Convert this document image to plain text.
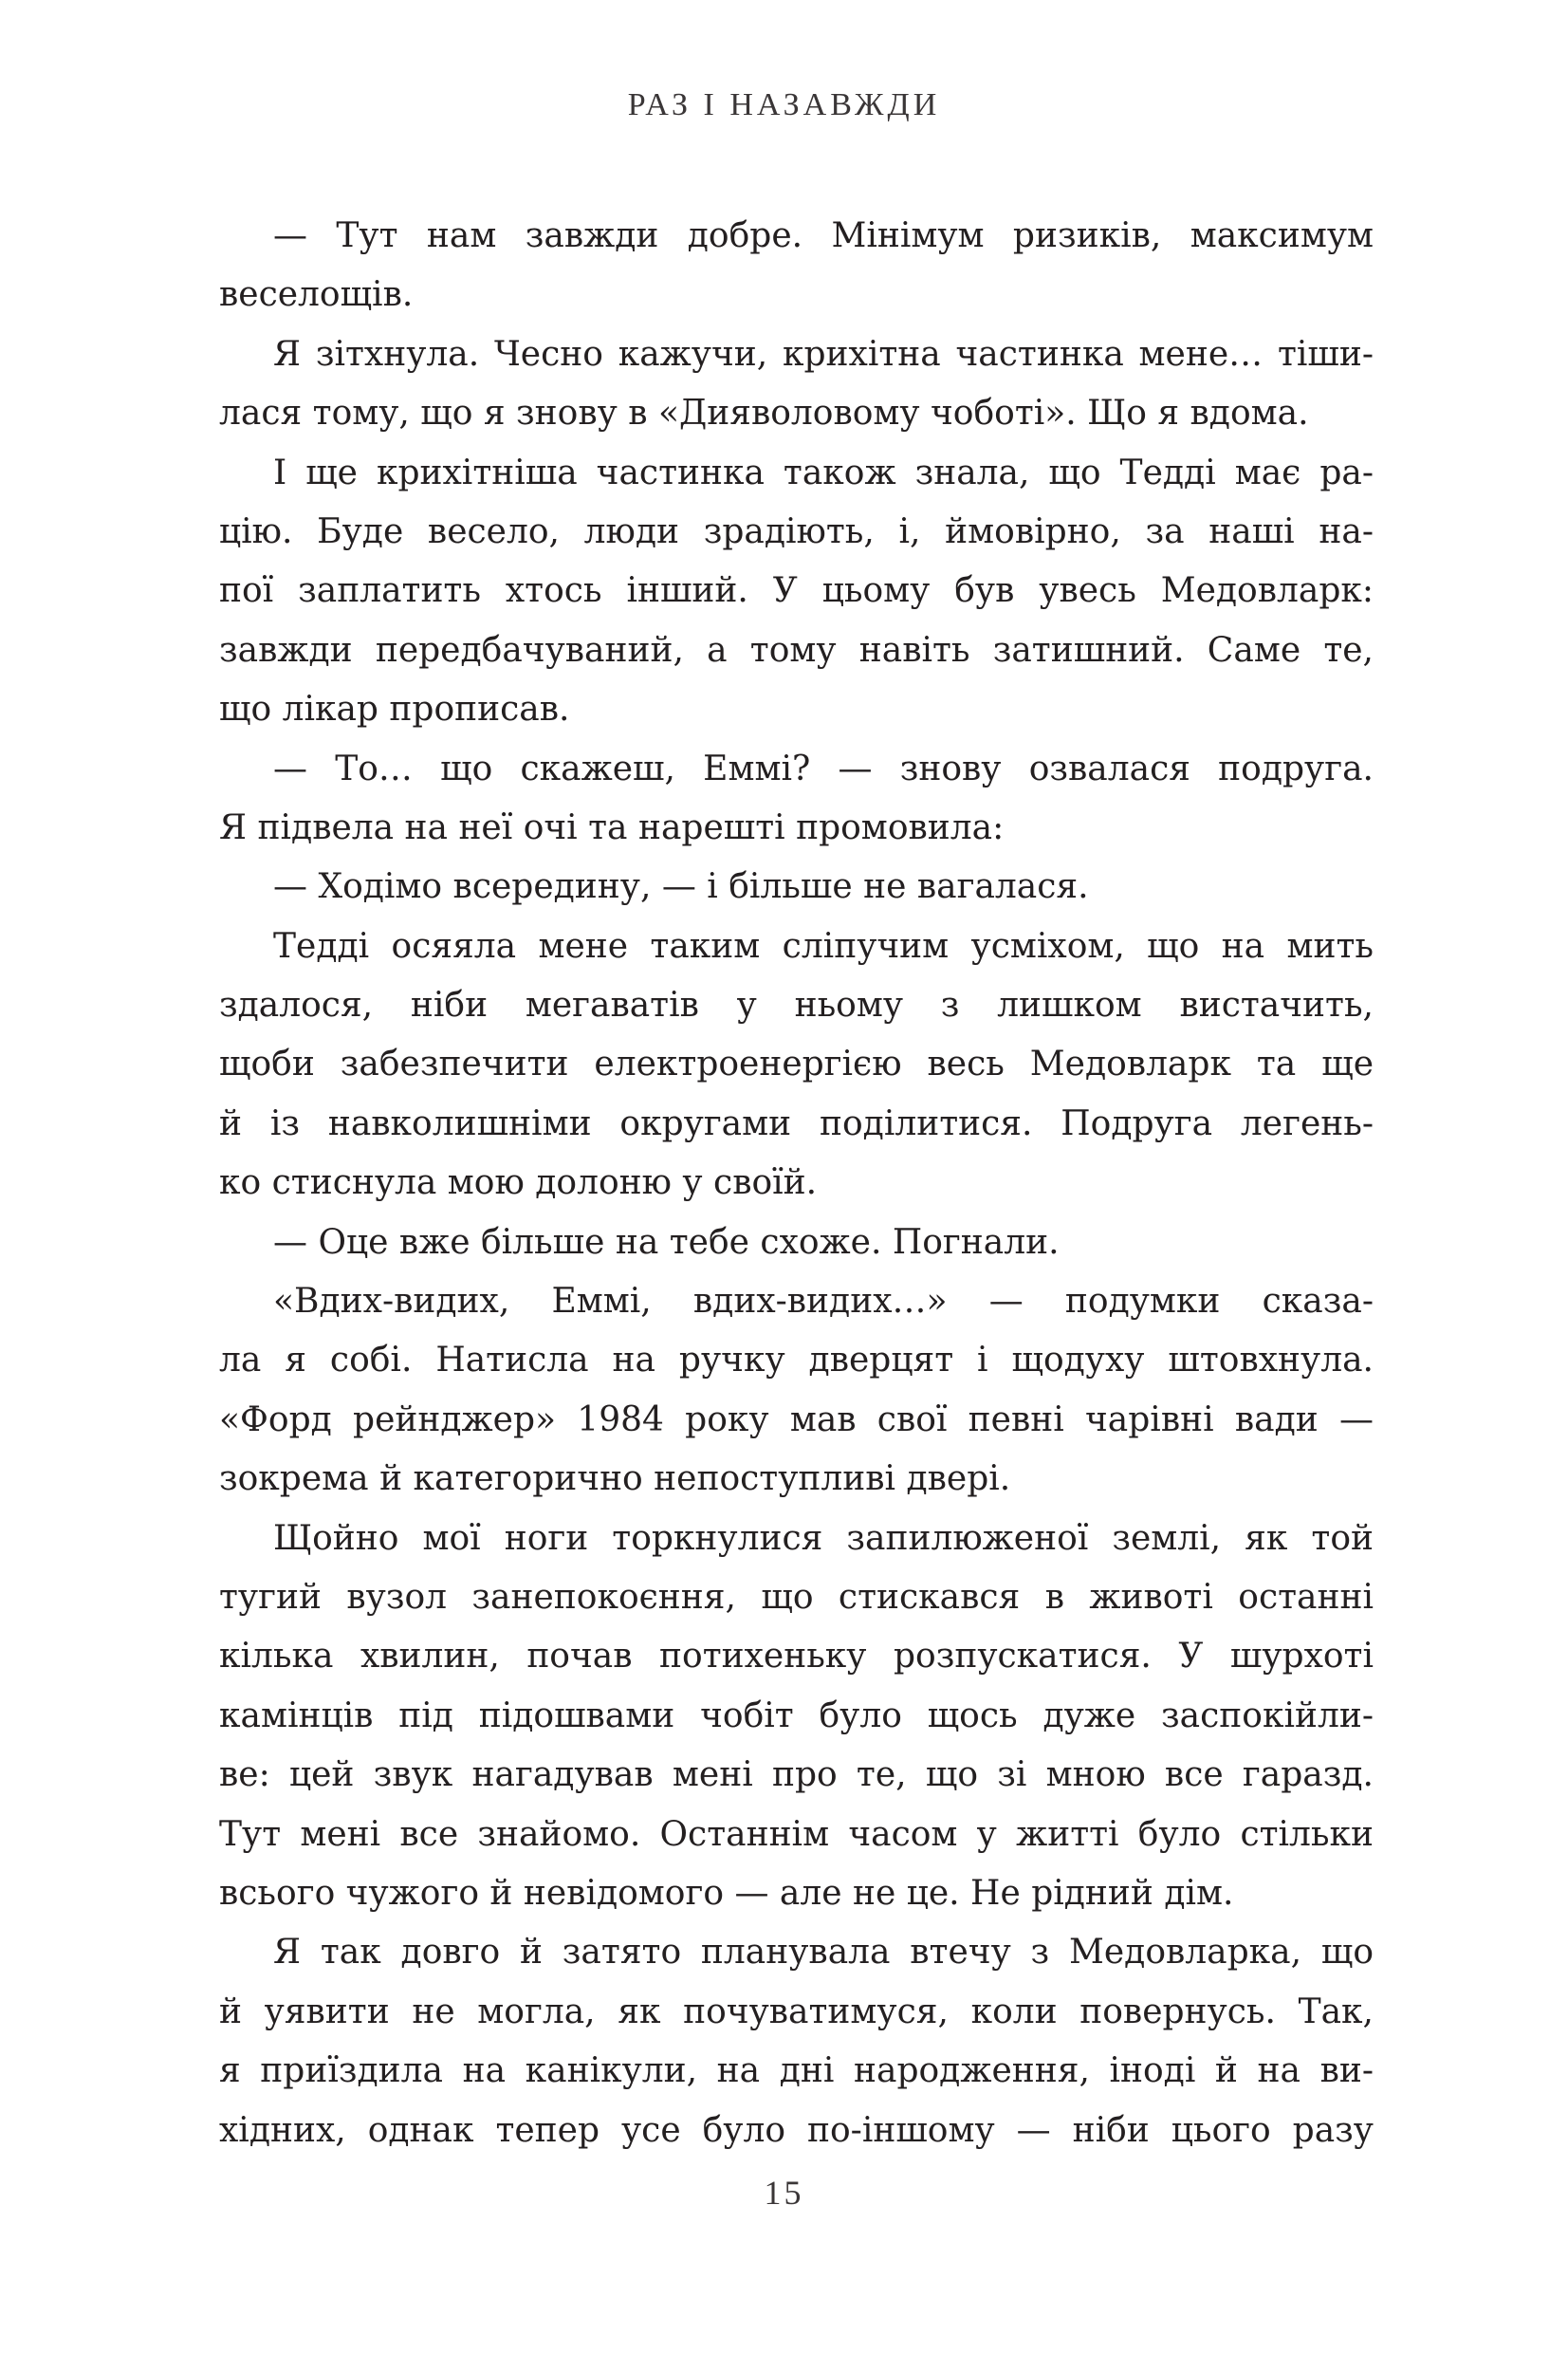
РАЗ І НАЗАВЖДИ
— Тут нам завжди добре. Мінімум ризиків, максимум
веселощів.
Я зітхнула. Чесно кажучи, крихітна частинка мене… тіши-
лася тому, що я знову в «Дияволовому чоботі». Що я вдома.
І ще крихітніша частинка також знала, що Тедді має ра-
цію. Буде весело, люди зрадіють, і, ймовірно, за наші на-
пої заплатить хтось інший. У цьому був увесь Медовларк:
завжди передбачуваний, а тому навіть затишний. Саме те,
що лікар прописав.
— То… що скажеш, Еммі? — знову озвалася подруга.
Я підвела на неї очі та нарешті промовила:
— Ходімо всередину, — і більше не вагалася.
Тедді осяяла мене таким сліпучим усміхом, що на мить
здалося, ніби мегаватів у ньому з лишком вистачить,
щоби забезпечити електроенергією весь Медовларк та ще
й із навколишніми округами поділитися. Подруга легень-
ко стиснула мою долоню у своїй.
— Оце вже більше на тебе схоже. Погнали.
«Вдих-видих, Еммі, вдих-видих…» — подумки сказа-
ла я собі. Натисла на ручку дверцят і щодуху штовхнула.
«Форд рейнджер» 1984 року мав свої певні чарівні вади —
зокрема й категорично непоступливі двері.
Щойно мої ноги торкнулися запилюженої землі, як той
тугий вузол занепокоєння, що стискався в животі останні
кілька хвилин, почав потихеньку розпускатися. У шурхоті
камінців під підошвами чобіт було щось дуже заспокійли-
ве: цей звук нагадував мені про те, що зі мною все гаразд.
Тут мені все знайомо. Останнім часом у житті було стільки
всього чужого й невідомого — але не це. Не рідний дім.
Я так довго й затято планувала втечу з Медовларка, що
й уявити не могла, як почуватимуся, коли повернусь. Так,
я приїздила на канікули, на дні народження, іноді й на ви-
хідних, однак тепер усе було по-іншому — ніби цього разу
15
